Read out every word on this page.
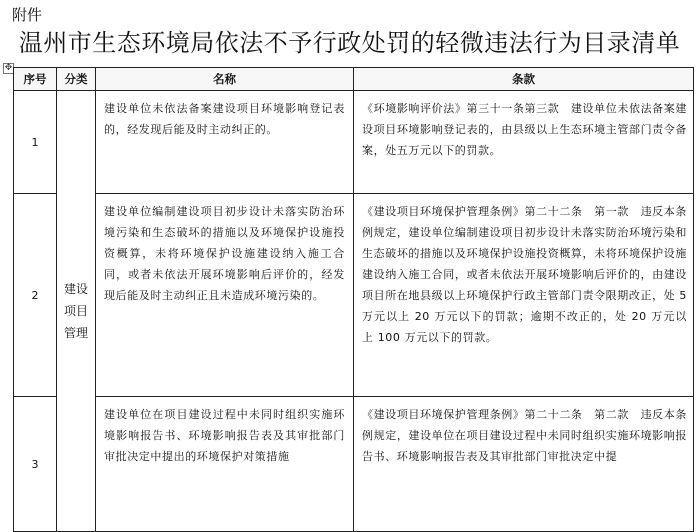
附件
温州市生态环境局依法不予行政处罚的轻微违法行为目录清单
✥
序号	分类	名称	条款
1	建设项目管理	建设单位未依法备案建设项目环境影响登记表的，经发现后能及时主动纠正的。	《环境影响评价法》第三十一条第三款　建设单位未依法备案建设项目环境影响登记表的，由县级以上生态环境主管部门责令备案，处五万元以下的罚款。

2		建设单位编制建设项目初步设计未落实防治环境污染和生态破坏的措施以及环境保护设施投资概算，未将环境保护设施建设纳入施工合同，或者未依法开展环境影响后评价的，经发现后能及时主动纠正且未造成环境污染的。	《建设项目环境保护管理条例》第二十二条　第一款　违反本条例规定，建设单位编制建设项目初步设计未落实防治环境污染和生态破坏的措施以及环境保护设施投资概算，未将环境保护设施建设纳入施工合同，或者未依法开展环境影响后评价的，由建设项目所在地县级以上环境保护行政主管部门责令限期改正，处 5 万元以上 20 万元以下的罚款；逾期不改正的，处 20 万元以上 100 万元以下的罚款。

3		建设单位在项目建设过程中未同时组织实施环境影响报告书、环境影响报告表及其审批部门审批决定中提出的环境保护对策措施	《建设项目环境保护管理条例》第二十二条　第二款　违反本条例规定，建设单位在项目建设过程中未同时组织实施环境影响报告书、环境影响报告表及其审批部门审批决定中提
